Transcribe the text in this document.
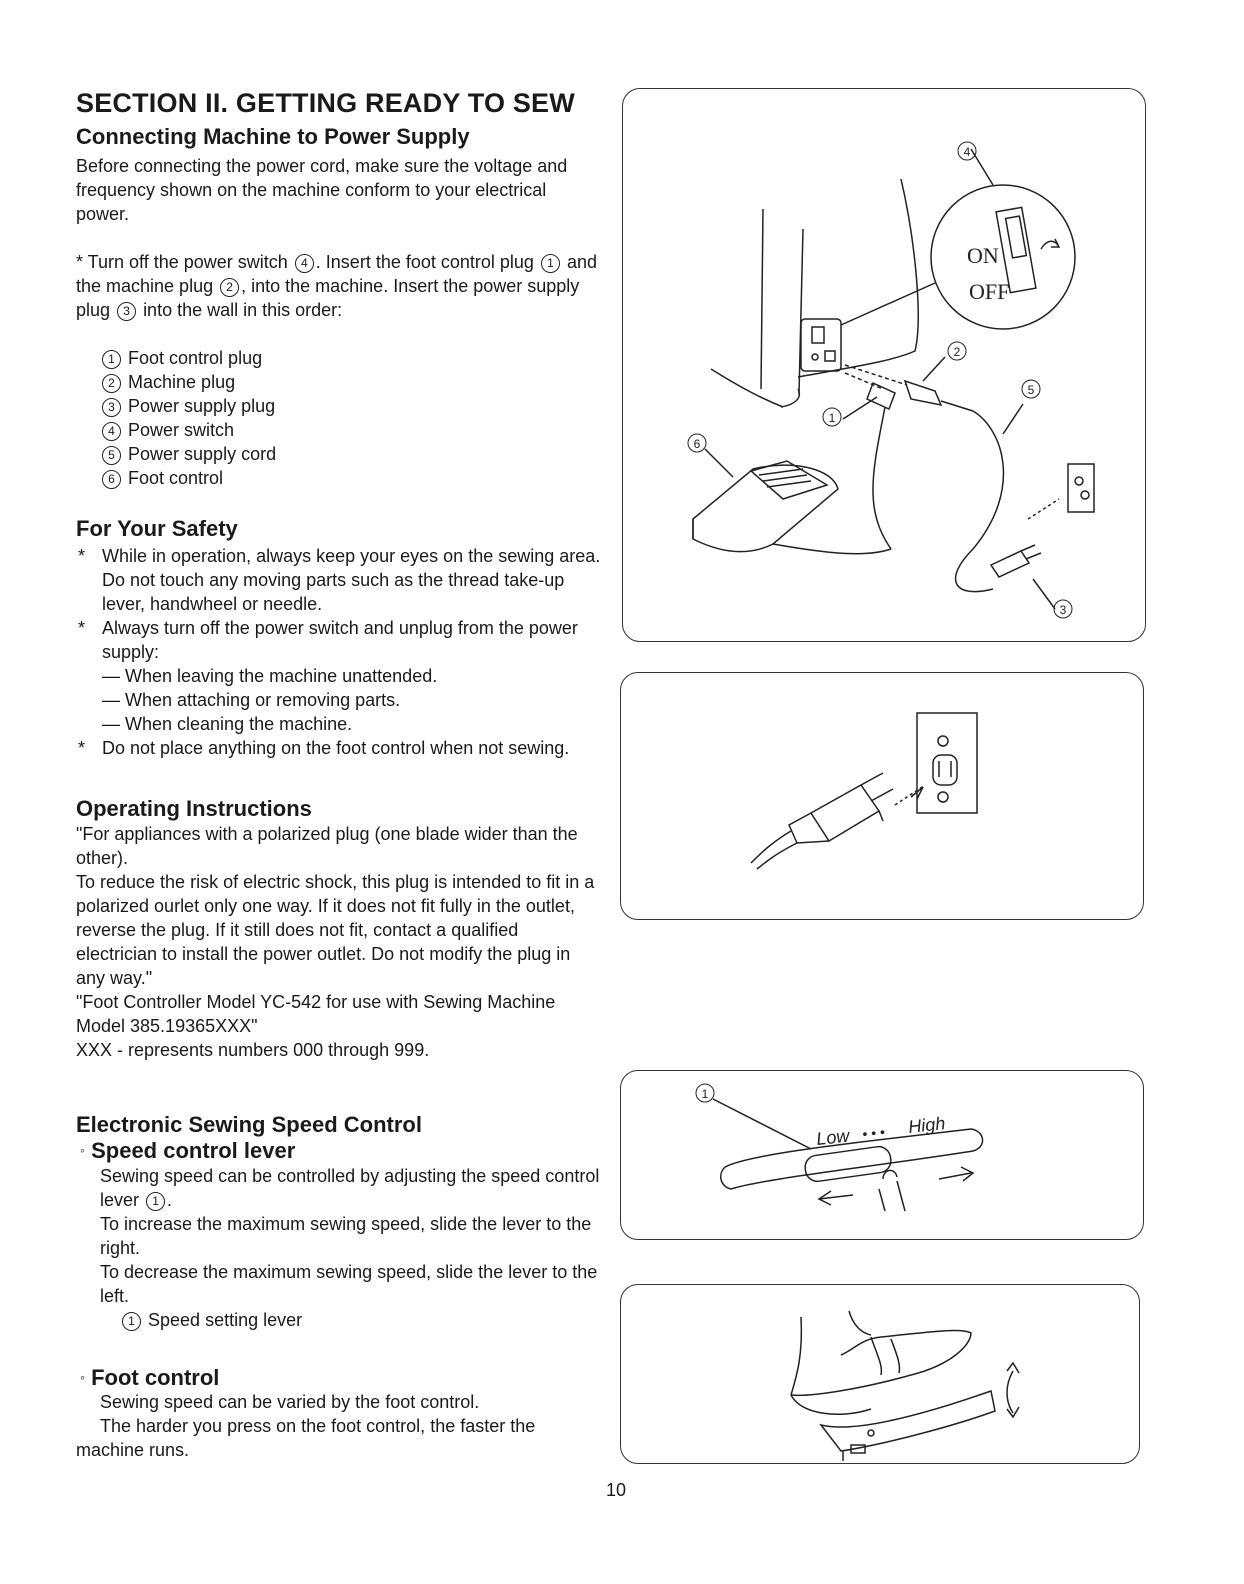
SECTION II. GETTING READY TO SEW
Connecting Machine to Power Supply

Before connecting the power cord, make sure the voltage and frequency shown on the machine conform to your electrical power.

* Turn off the power switch 4 . Insert the foot control plug 1 and the machine plug 2 , into the machine. Insert the power supply plug 3 into the wall in this order:

1 Foot control plug
2 Machine plug
3 Power supply plug
4 Power switch
5 Power supply cord
6 Foot control
For Your Safety
* While in operation, always keep your eyes on the sewing area. Do not touch any moving parts such as the thread take-up lever, handwheel or needle.
* Always turn off the power switch and unplug from the power supply:
— When leaving the machine unattended.
— When attaching or removing parts.
— When cleaning the machine.
* Do not place anything on the foot control when not sewing.
Operating Instructions

"For appliances with a polarized plug (one blade wider than the other).

To reduce the risk of electric shock, this plug is intended to fit in a polarized ourlet only one way. If it does not fit fully in the outlet, reverse the plug. If it still does not fit, contact a qualified electrician to install the power outlet. Do not modify the plug in any way."

"Foot Controller Model YC-542 for use with Sewing Machine Model 385.19365XXX"

XXX - represents numbers 000 through 999.

Electronic Sewing Speed Control
◦ Speed control lever

Sewing speed can be controlled by adjusting the speed control lever 1 .

To increase the maximum sewing speed, slide the lever to the right.

To decrease the maximum sewing speed, slide the lever to the left.

1 Speed setting lever

◦ Foot control

Sewing speed can be varied by the foot control.

The harder you press on the foot control, the faster the machine runs.

ON
OFF
4
2
5
1
6
3
1
Low • • • High
10
